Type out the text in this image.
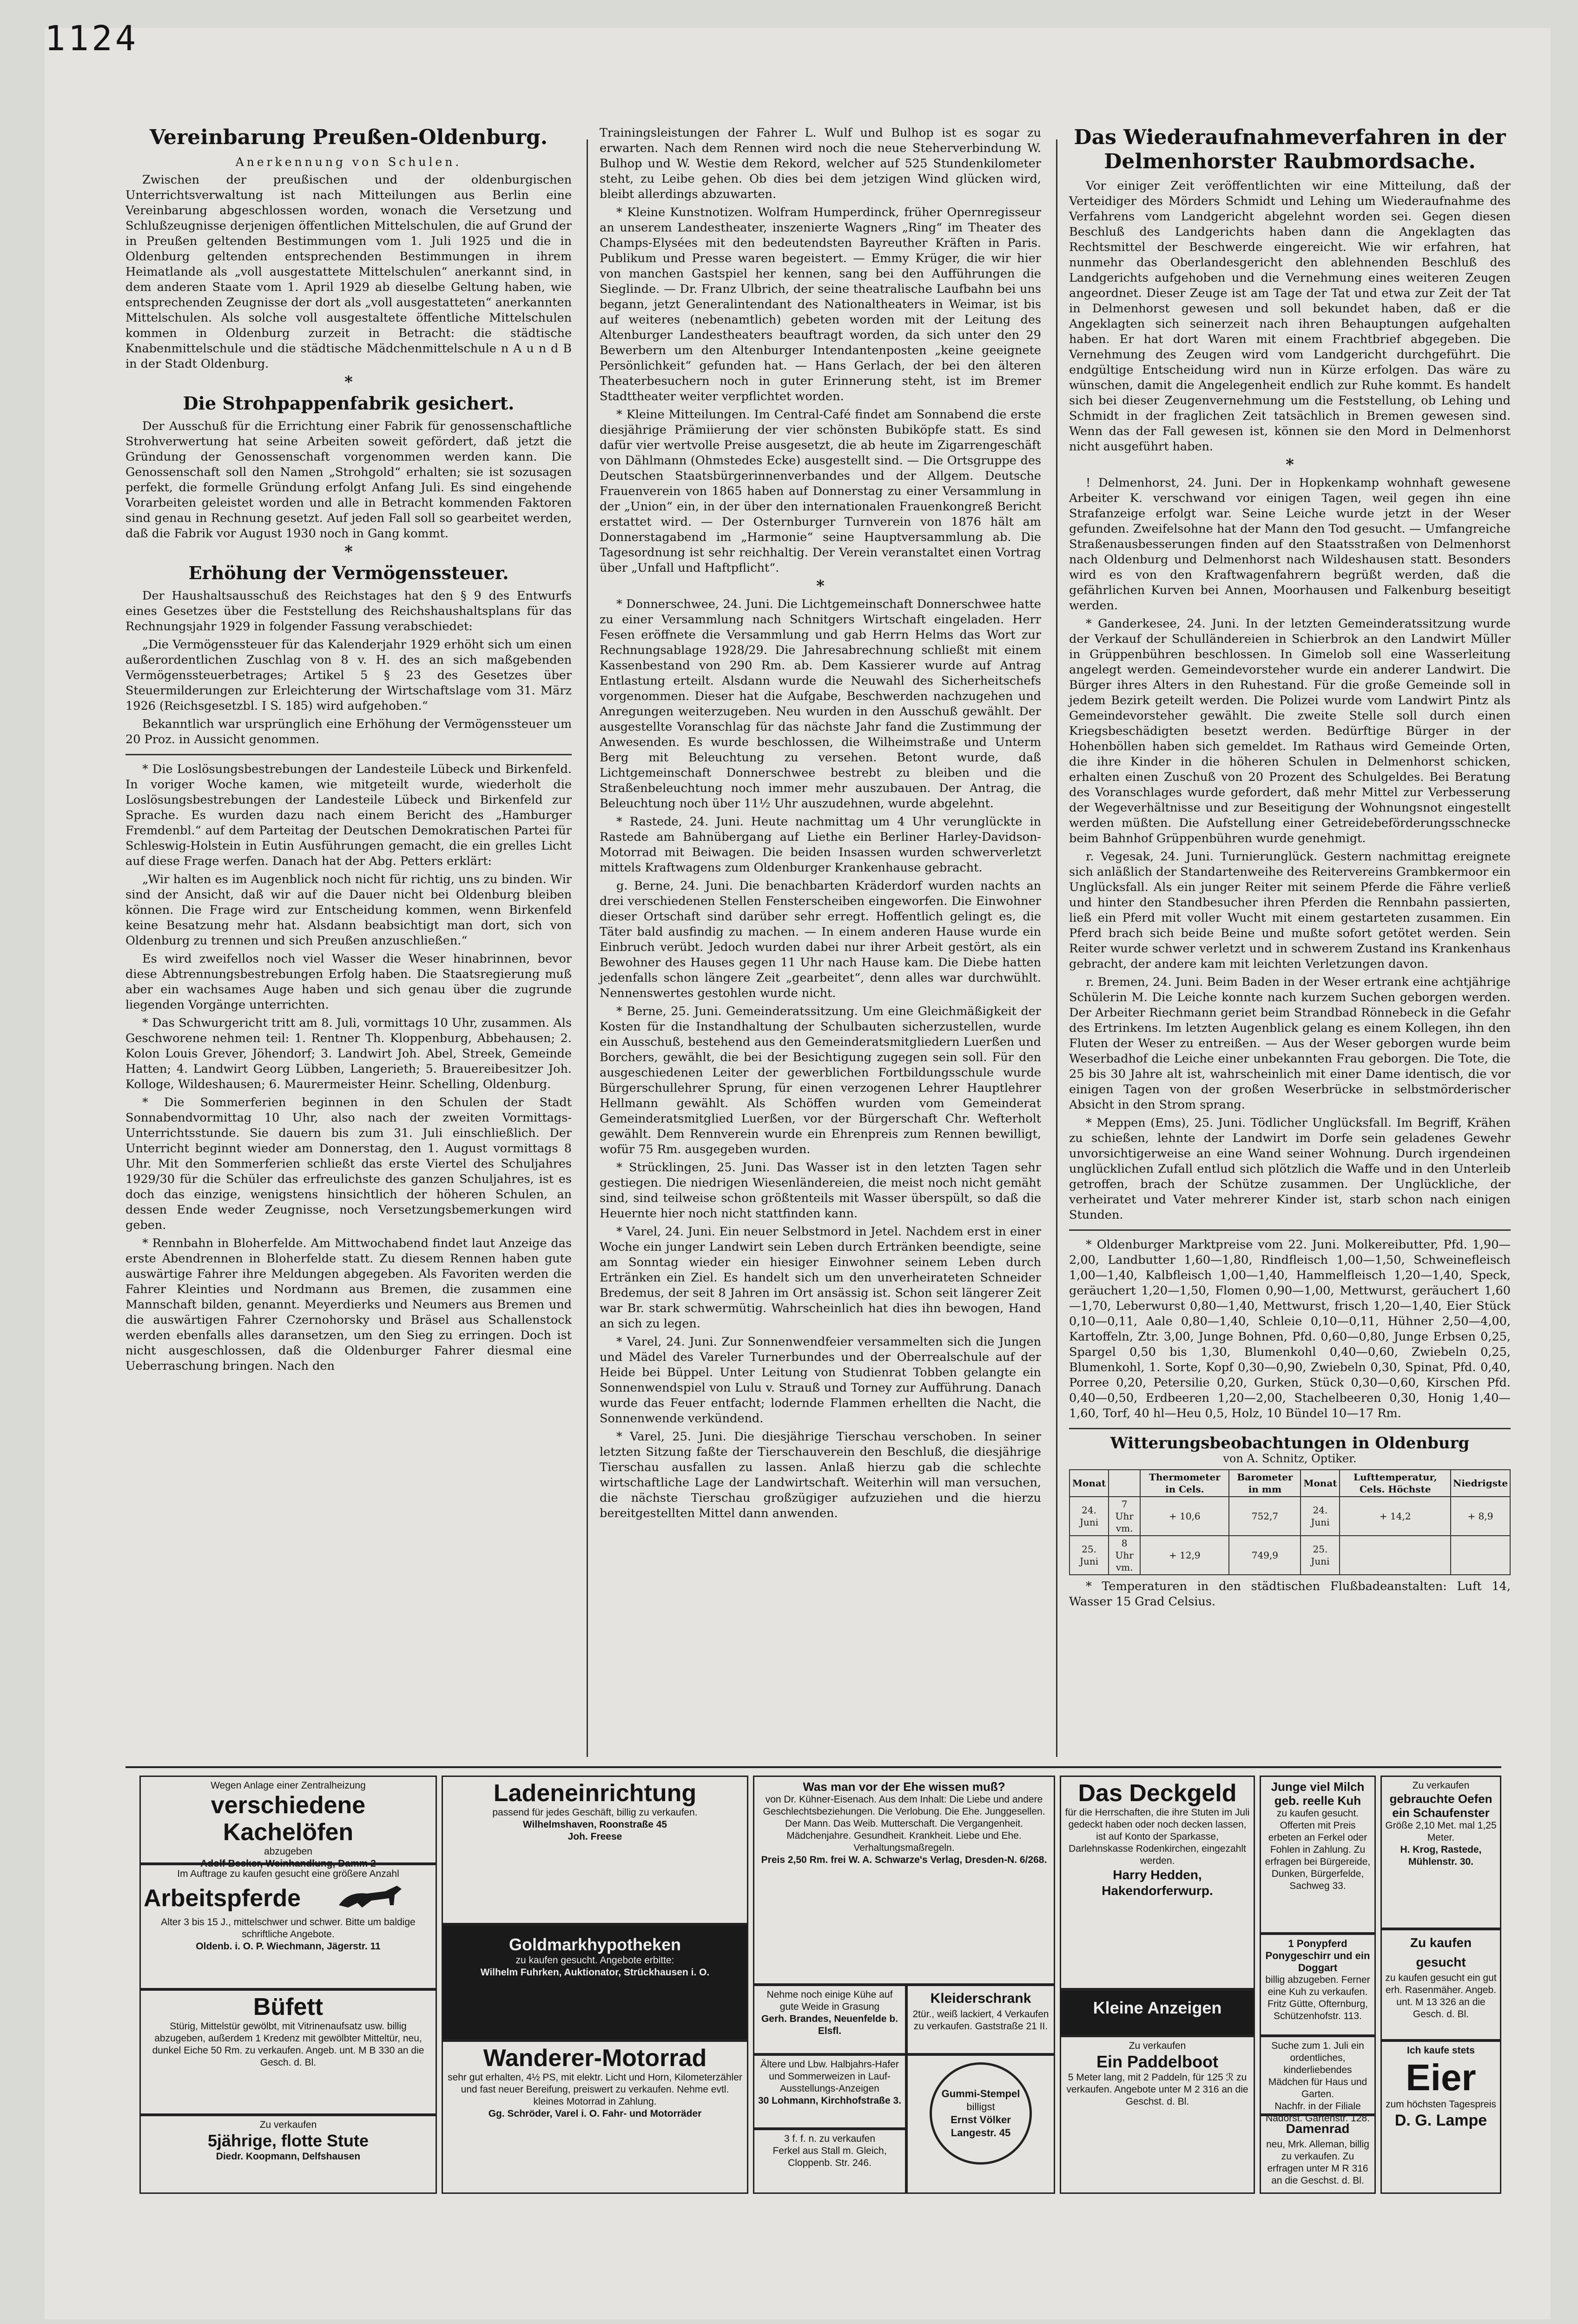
1124
Vereinbarung Preußen-Oldenburg.
Anerkennung von Schulen.

Zwischen der preußischen und der oldenburgischen Unterrichtsverwaltung ist nach Mitteilungen aus Berlin eine Vereinbarung abgeschlossen worden, wonach die Versetzung und Schlußzeugnisse derjenigen öffentlichen Mittelschulen, die auf Grund der in Preußen geltenden Bestimmungen vom 1. Juli 1925 und die in Oldenburg geltenden entsprechenden Bestimmungen in ihrem Heimatlande als „voll ausgestattete Mittelschulen“ anerkannt sind, in dem anderen Staate vom 1. April 1929 ab dieselbe Geltung haben, wie entsprechenden Zeugnisse der dort als „voll ausgestatteten“ anerkannten Mittelschulen. Als solche voll ausgestaltete öffentliche Mittelschulen kommen in Oldenburg zurzeit in Betracht: die städtische Knabenmittelschule und die städtische Mädchenmittelschule n A u n d B in der Stadt Oldenburg.

*
Die Strohpappenfabrik gesichert.

Der Ausschuß für die Errichtung einer Fabrik für genossenschaftliche Strohverwertung hat seine Arbeiten soweit gefördert, daß jetzt die Gründung der Genossenschaft vorgenommen werden kann. Die Genossenschaft soll den Namen „Strohgold“ erhalten; sie ist sozusagen perfekt, die formelle Gründung erfolgt Anfang Juli. Es sind eingehende Vorarbeiten geleistet worden und alle in Betracht kommenden Faktoren sind genau in Rechnung gesetzt. Auf jeden Fall soll so gearbeitet werden, daß die Fabrik vor August 1930 noch in Gang kommt.

*
Erhöhung der Vermögenssteuer.

Der Haushaltsausschuß des Reichstages hat den § 9 des Entwurfs eines Gesetzes über die Feststellung des Reichshaushaltsplans für das Rechnungsjahr 1929 in folgender Fassung verabschiedet:

„Die Vermögenssteuer für das Kalenderjahr 1929 erhöht sich um einen außerordentlichen Zuschlag von 8 v. H. des an sich maßgebenden Vermögenssteuerbetrages; Artikel 5 § 23 des Gesetzes über Steuermilderungen zur Erleichterung der Wirtschaftslage vom 31. März 1926 (Reichsgesetzbl. I S. 185) wird aufgehoben.“

Bekanntlich war ursprünglich eine Erhöhung der Vermögenssteuer um 20 Proz. in Aussicht genommen.

* Die Loslösungsbestrebungen der Landesteile Lübeck und Birkenfeld. In voriger Woche kamen, wie mitgeteilt wurde, wiederholt die Loslösungsbestrebungen der Landesteile Lübeck und Birkenfeld zur Sprache. Es wurden dazu nach einem Bericht des „Hamburger Fremdenbl.“ auf dem Parteitag der Deutschen Demokratischen Partei für Schleswig-Holstein in Eutin Ausführungen gemacht, die ein grelles Licht auf diese Frage werfen. Danach hat der Abg. Petters erklärt:

„Wir halten es im Augenblick noch nicht für richtig, uns zu binden. Wir sind der Ansicht, daß wir auf die Dauer nicht bei Oldenburg bleiben können. Die Frage wird zur Entscheidung kommen, wenn Birkenfeld keine Besatzung mehr hat. Alsdann beabsichtigt man dort, sich von Oldenburg zu trennen und sich Preußen anzuschließen.“

Es wird zweifellos noch viel Wasser die Weser hinabrinnen, bevor diese Abtrennungsbestrebungen Erfolg haben. Die Staatsregierung muß aber ein wachsames Auge haben und sich genau über die zugrunde liegenden Vorgänge unterrichten.

* Das Schwurgericht tritt am 8. Juli, vormittags 10 Uhr, zusammen. Als Geschworene nehmen teil: 1. Rentner Th. Kloppenburg, Abbehausen; 2. Kolon Louis Grever, Jöhendorf; 3. Landwirt Joh. Abel, Streek, Gemeinde Hatten; 4. Landwirt Georg Lübben, Langerieth; 5. Brauereibesitzer Joh. Kolloge, Wildeshausen; 6. Maurermeister Heinr. Schelling, Oldenburg.

* Die Sommerferien beginnen in den Schulen der Stadt Sonnabendvormittag 10 Uhr, also nach der zweiten Vormittags-Unterrichtsstunde. Sie dauern bis zum 31. Juli einschließlich. Der Unterricht beginnt wieder am Donnerstag, den 1. August vormittags 8 Uhr. Mit den Sommerferien schließt das erste Viertel des Schuljahres 1929/30 für die Schüler das erfreulichste des ganzen Schuljahres, ist es doch das einzige, wenigstens hinsichtlich der höheren Schulen, an dessen Ende weder Zeugnisse, noch Versetzungsbemerkungen wird geben.

* Rennbahn in Bloherfelde. Am Mittwochabend findet laut Anzeige das erste Abendrennen in Bloherfelde statt. Zu diesem Rennen haben gute auswärtige Fahrer ihre Meldungen abgegeben. Als Favoriten werden die Fahrer Kleinties und Nordmann aus Bremen, die zusammen eine Mannschaft bilden, genannt. Meyerdierks und Neumers aus Bremen und die auswärtigen Fahrer Czernohorsky und Bräsel aus Schallenstock werden ebenfalls alles daransetzen, um den Sieg zu erringen. Doch ist nicht ausgeschlossen, daß die Oldenburger Fahrer diesmal eine Ueberraschung bringen. Nach den

Trainingsleistungen der Fahrer L. Wulf und Bulhop ist es sogar zu erwarten. Nach dem Rennen wird noch die neue Steherverbindung W. Bulhop und W. Westie dem Rekord, welcher auf 525 Stundenkilometer steht, zu Leibe gehen. Ob dies bei dem jetzigen Wind glücken wird, bleibt allerdings abzuwarten.

* Kleine Kunstnotizen. Wolfram Humperdinck, früher Opernregisseur an unserem Landestheater, inszenierte Wagners „Ring“ im Theater des Champs-Elysées mit den bedeutendsten Bayreuther Kräften in Paris. Publikum und Presse waren begeistert. — Emmy Krüger, die wir hier von manchen Gastspiel her kennen, sang bei den Aufführungen die Sieglinde. — Dr. Franz Ulbrich, der seine theatralische Laufbahn bei uns begann, jetzt Generalintendant des Nationaltheaters in Weimar, ist bis auf weiteres (nebenamtlich) gebeten worden mit der Leitung des Altenburger Landestheaters beauftragt worden, da sich unter den 29 Bewerbern um den Altenburger Intendantenposten „keine geeignete Persönlichkeit“ gefunden hat. — Hans Gerlach, der bei den älteren Theaterbesuchern noch in guter Erinnerung steht, ist im Bremer Stadttheater weiter verpflichtet worden.

* Kleine Mitteilungen. Im Central-Café findet am Sonnabend die erste diesjährige Prämiierung der vier schönsten Bubiköpfe statt. Es sind dafür vier wertvolle Preise ausgesetzt, die ab heute im Zigarrengeschäft von Dählmann (Ohmstedes Ecke) ausgestellt sind. — Die Ortsgruppe des Deutschen Staatsbürgerinnenverbandes und der Allgem. Deutsche Frauenverein von 1865 haben auf Donnerstag zu einer Versammlung in der „Union“ ein, in der über den internationalen Frauenkongreß Bericht erstattet wird. — Der Osternburger Turnverein von 1876 hält am Donnerstagabend im „Harmonie“ seine Hauptversammlung ab. Die Tagesordnung ist sehr reichhaltig. Der Verein veranstaltet einen Vortrag über „Unfall und Haftpflicht“.

*

* Donnerschwee, 24. Juni. Die Lichtgemeinschaft Donnerschwee hatte zu einer Versammlung nach Schnitgers Wirtschaft eingeladen. Herr Fesen eröffnete die Versammlung und gab Herrn Helms das Wort zur Rechnungsablage 1928/29. Die Jahresabrechnung schließt mit einem Kassenbestand von 290 Rm. ab. Dem Kassierer wurde auf Antrag Entlastung erteilt. Alsdann wurde die Neuwahl des Sicherheitschefs vorgenommen. Dieser hat die Aufgabe, Beschwerden nachzugehen und Anregungen weiterzugeben. Neu wurden in den Ausschuß gewählt. Der ausgestellte Voranschlag für das nächste Jahr fand die Zustimmung der Anwesenden. Es wurde beschlossen, die Wilheimstraße und Unterm Berg mit Beleuchtung zu versehen. Betont wurde, daß Lichtgemeinschaft Donnerschwee bestrebt zu bleiben und die Straßenbeleuchtung noch immer mehr auszubauen. Der Antrag, die Beleuchtung noch über 11½ Uhr auszudehnen, wurde abgelehnt.

* Rastede, 24. Juni. Heute nachmittag um 4 Uhr verunglückte in Rastede am Bahnübergang auf Liethe ein Berliner Harley-Davidson-Motorrad mit Beiwagen. Die beiden Insassen wurden schwerverletzt mittels Kraftwagens zum Oldenburger Krankenhause gebracht.

g. Berne, 24. Juni. Die benachbarten Kräderdorf wurden nachts an drei verschiedenen Stellen Fensterscheiben eingeworfen. Die Einwohner dieser Ortschaft sind darüber sehr erregt. Hoffentlich gelingt es, die Täter bald ausfindig zu machen. — In einem anderen Hause wurde ein Einbruch verübt. Jedoch wurden dabei nur ihrer Arbeit gestört, als ein Bewohner des Hauses gegen 11 Uhr nach Hause kam. Die Diebe hatten jedenfalls schon längere Zeit „gearbeitet“, denn alles war durchwühlt. Nennenswertes gestohlen wurde nicht.

* Berne, 25. Juni. Gemeinderatssitzung. Um eine Gleichmäßigkeit der Kosten für die Instandhaltung der Schulbauten sicherzustellen, wurde ein Ausschuß, bestehend aus den Gemeinderatsmitgliedern Luerßen und Borchers, gewählt, die bei der Besichtigung zugegen sein soll. Für den ausgeschiedenen Leiter der gewerblichen Fortbildungsschule wurde Bürgerschullehrer Sprung, für einen verzogenen Lehrer Hauptlehrer Hellmann gewählt. Als Schöffen wurden vom Gemeinderat Gemeinderatsmitglied Luerßen, vor der Bürgerschaft Chr. Wefterholt gewählt. Dem Rennverein wurde ein Ehrenpreis zum Rennen bewilligt, wofür 75 Rm. ausgegeben wurden.

* Strücklingen, 25. Juni. Das Wasser ist in den letzten Tagen sehr gestiegen. Die niedrigen Wiesenländereien, die meist noch nicht gemäht sind, sind teilweise schon größtenteils mit Wasser überspült, so daß die Heuernte hier noch nicht stattfinden kann.

* Varel, 24. Juni. Ein neuer Selbstmord in Jetel. Nachdem erst in einer Woche ein junger Landwirt sein Leben durch Ertränken beendigte, seine am Sonntag wieder ein hiesiger Einwohner seinem Leben durch Ertränken ein Ziel. Es handelt sich um den unverheirateten Schneider Bredemus, der seit 8 Jahren im Ort ansässig ist. Schon seit längerer Zeit war Br. stark schwermütig. Wahrscheinlich hat dies ihn bewogen, Hand an sich zu legen.

* Varel, 24. Juni. Zur Sonnenwendfeier versammelten sich die Jungen und Mädel des Vareler Turnerbundes und der Oberrealschule auf der Heide bei Büppel. Unter Leitung von Studienrat Tobben gelangte ein Sonnenwendspiel von Lulu v. Strauß und Torney zur Aufführung. Danach wurde das Feuer entfacht; lodernde Flammen erhellten die Nacht, die Sonnenwende verkündend.

* Varel, 25. Juni. Die diesjährige Tierschau verschoben. In seiner letzten Sitzung faßte der Tierschauverein den Beschluß, die diesjährige Tierschau ausfallen zu lassen. Anlaß hierzu gab die schlechte wirtschaftliche Lage der Landwirtschaft. Weiterhin will man versuchen, die nächste Tierschau großzügiger aufzuziehen und die hierzu bereitgestellten Mittel dann anwenden.

Das Wiederaufnahmeverfahren in der Delmenhorster Raubmordsache.

Vor einiger Zeit veröffentlichten wir eine Mitteilung, daß der Verteidiger des Mörders Schmidt und Lehing um Wiederaufnahme des Verfahrens vom Landgericht abgelehnt worden sei. Gegen diesen Beschluß des Landgerichts haben dann die Angeklagten das Rechtsmittel der Beschwerde eingereicht. Wie wir erfahren, hat nunmehr das Oberlandesgericht den ablehnenden Beschluß des Landgerichts aufgehoben und die Vernehmung eines weiteren Zeugen angeordnet. Dieser Zeuge ist am Tage der Tat und etwa zur Zeit der Tat in Delmenhorst gewesen und soll bekundet haben, daß er die Angeklagten sich seinerzeit nach ihren Behauptungen aufgehalten haben. Er hat dort Waren mit einem Frachtbrief abgegeben. Die Vernehmung des Zeugen wird vom Landgericht durchgeführt. Die endgültige Entscheidung wird nun in Kürze erfolgen. Das wäre zu wünschen, damit die Angelegenheit endlich zur Ruhe kommt. Es handelt sich bei dieser Zeugenvernehmung um die Feststellung, ob Lehing und Schmidt in der fraglichen Zeit tatsächlich in Bremen gewesen sind. Wenn das der Fall gewesen ist, können sie den Mord in Delmenhorst nicht ausgeführt haben.

*

! Delmenhorst, 24. Juni. Der in Hopkenkamp wohnhaft gewesene Arbeiter K. verschwand vor einigen Tagen, weil gegen ihn eine Strafanzeige erfolgt war. Seine Leiche wurde jetzt in der Weser gefunden. Zweifelsohne hat der Mann den Tod gesucht. — Umfangreiche Straßenausbesserungen finden auf den Staatsstraßen von Delmenhorst nach Oldenburg und Delmenhorst nach Wildeshausen statt. Besonders wird es von den Kraftwagenfahrern begrüßt werden, daß die gefährlichen Kurven bei Annen, Moorhausen und Falkenburg beseitigt werden.

* Ganderkesee, 24. Juni. In der letzten Gemeinderatssitzung wurde der Verkauf der Schulländereien in Schierbrok an den Landwirt Müller in Grüppenbühren beschlossen. In Gimelob soll eine Wasserleitung angelegt werden. Gemeindevorsteher wurde ein anderer Landwirt. Die Bürger ihres Alters in den Ruhestand. Für die große Gemeinde soll in jedem Bezirk geteilt werden. Die Polizei wurde vom Landwirt Pintz als Gemeindevorsteher gewählt. Die zweite Stelle soll durch einen Kriegsbeschädigten besetzt werden. Bedürftige Bürger in der Hohenböllen haben sich gemeldet. Im Rathaus wird Gemeinde Orten, die ihre Kinder in die höheren Schulen in Delmenhorst schicken, erhalten einen Zuschuß von 20 Prozent des Schulgeldes. Bei Beratung des Voranschlages wurde gefordert, daß mehr Mittel zur Verbesserung der Wegeverhältnisse und zur Beseitigung der Wohnungsnot eingestellt werden müßten. Die Aufstellung einer Getreidebeförderungsschnecke beim Bahnhof Grüppenbühren wurde genehmigt.

r. Vegesak, 24. Juni. Turnierunglück. Gestern nachmittag ereignete sich anläßlich der Standartenweihe des Reitervereins Grambkermoor ein Unglücksfall. Als ein junger Reiter mit seinem Pferde die Fähre verließ und hinter den Standbesucher ihren Pferden die Rennbahn passierten, ließ ein Pferd mit voller Wucht mit einem gestarteten zusammen. Ein Pferd brach sich beide Beine und mußte sofort getötet werden. Sein Reiter wurde schwer verletzt und in schwerem Zustand ins Krankenhaus gebracht, der andere kam mit leichten Verletzungen davon.

r. Bremen, 24. Juni. Beim Baden in der Weser ertrank eine achtjährige Schülerin M. Die Leiche konnte nach kurzem Suchen geborgen werden. Der Arbeiter Riechmann geriet beim Strandbad Rönnebeck in die Gefahr des Ertrinkens. Im letzten Augenblick gelang es einem Kollegen, ihn den Fluten der Weser zu entreißen. — Aus der Weser geborgen wurde beim Weserbadhof die Leiche einer unbekannten Frau geborgen. Die Tote, die 25 bis 30 Jahre alt ist, wahrscheinlich mit einer Dame identisch, die vor einigen Tagen von der großen Weserbrücke in selbstmörderischer Absicht in den Strom sprang.

* Meppen (Ems), 25. Juni. Tödlicher Unglücksfall. Im Begriff, Krähen zu schießen, lehnte der Landwirt im Dorfe sein geladenes Gewehr unvorsichtigerweise an eine Wand seiner Wohnung. Durch irgendeinen unglücklichen Zufall entlud sich plötzlich die Waffe und in den Unterleib getroffen, brach der Schütze zusammen. Der Unglückliche, der verheiratet und Vater mehrerer Kinder ist, starb schon nach einigen Stunden.

* Oldenburger Marktpreise vom 22. Juni. Molkereibutter, Pfd. 1,90—2,00, Landbutter 1,60—1,80, Rindfleisch 1,00—1,50, Schweinefleisch 1,00—1,40, Kalbfleisch 1,00—1,40, Hammelfleisch 1,20—1,40, Speck, geräuchert 1,20—1,50, Flomen 0,90—1,00, Mettwurst, geräuchert 1,60—1,70, Leberwurst 0,80—1,40, Mettwurst, frisch 1,20—1,40, Eier Stück 0,10—0,11, Aale 0,80—1,40, Schleie 0,10—0,11, Hühner 2,50—4,00, Kartoffeln, Ztr. 3,00, Junge Bohnen, Pfd. 0,60—0,80, Junge Erbsen 0,25, Spargel 0,50 bis 1,30, Blumenkohl 0,40—0,60, Zwiebeln 0,25, Blumenkohl, 1. Sorte, Kopf 0,30—0,90, Zwiebeln 0,30, Spinat, Pfd. 0,40, Porree 0,20, Petersilie 0,20, Gurken, Stück 0,30—0,60, Kirschen Pfd. 0,40—0,50, Erdbeeren 1,20—2,00, Stachelbeeren 0,30, Honig 1,40—1,60, Torf, 40 hl—Heu 0,5, Holz, 10 Bündel 10—17 Rm.

Witterungsbeobachtungen in Oldenburg
von A. Schnitz, Optiker.
Monat		Thermometer in Cels.	Barometer in mm	Monat	Lufttemperatur, Cels. Höchste	Niedrigste
24. Juni	7 Uhr vm.	+ 10,6	752,7	24. Juni	+ 14,2	+ 8,9
25. Juni	8 Uhr vm.	+ 12,9	749,9	25. Juni		

* Temperaturen in den städtischen Flußbadeanstalten: Luft 14, Wasser 15 Grad Celsius.

Wegen Anlage einer Zentralheizung
verschiedene Kachelöfen
abzugeben
Adolf Becker, Weinhandlung, Damm 2
Im Auftrage zu kaufen gesucht eine größere Anzahl
Arbeitspferde
Alter 3 bis 15 J., mittelschwer und schwer. Bitte um baldige schriftliche Angebote.
Oldenb. i. O. P. Wiechmann, Jägerstr. 11
Büfett
Stürig, Mittelstür gewölbt, mit Vitrinenaufsatz usw. billig abzugeben, außerdem 1 Kredenz mit gewölbter Mitteltür, neu, dunkel Eiche 50 Rm. zu verkaufen. Angeb. unt. M B 330 an die Gesch. d. Bl.
Zu verkaufen
5jährige, flotte Stute
Diedr. Koopmann, Delfshausen
Ladeneinrichtung
passend für jedes Geschäft, billig zu verkaufen.
Wilhelmshaven, Roonstraße 45
Joh. Freese
Goldmarkhypotheken
zu kaufen gesucht. Angebote erbitte:
Wilhelm Fuhrken, Auktionator, Strückhausen i. O.
Wanderer-Motorrad
sehr gut erhalten, 4½ PS, mit elektr. Licht und Horn, Kilometerzähler und fast neuer Bereifung, preiswert zu verkaufen. Nehme evtl. kleines Motorrad in Zahlung.
Gg. Schröder, Varel i. O. Fahr- und Motorräder
Was man vor der Ehe wissen muß?
von Dr. Kühner-Eisenach. Aus dem Inhalt: Die Liebe und andere Geschlechtsbeziehungen. Die Verlobung. Die Ehe. Junggesellen. Der Mann. Das Weib. Mutterschaft. Die Vergangenheit. Mädchenjahre. Gesundheit. Krankheit. Liebe und Ehe. Verhaltungsmaßregeln.
Preis 2,50 Rm. frei W. A. Schwarze's Verlag, Dresden-N. 6/268.
Nehme noch einige Kühe auf gute Weide in Grasung
Gerh. Brandes, Neuenfelde b. Elsfl.
Ältere und Lbw. Halbjahrs-Hafer und Sommerweizen in Lauf-Ausstellungs-Anzeigen
30 Lohmann, Kirchhofstraße 3.
3 f. f. n. zu verkaufen
Ferkel aus Stall m. Gleich, Cloppenb. Str. 246.
Kleiderschrank
2tür., weiß lackiert, 4 Verkaufen zu verkaufen. Gaststraße 21 II.
Gummi-Stempel
billigst
Ernst Völker
Langestr. 45
Das Deckgeld
für die Herrschaften, die ihre Stuten im Juli gedeckt haben oder noch decken lassen, ist auf Konto der Sparkasse, Darlehnskasse Rodenkirchen, eingezahlt werden.
Harry Hedden, Hakendorferwurp.
Kleine Anzeigen
Zu verkaufen
Ein Paddelboot
5 Meter lang, mit 2 Paddeln, für 125 ℛ zu verkaufen. Angebote unter M 2 316 an die Geschst. d. Bl.
Junge viel Milch geb. reelle Kuh
zu kaufen gesucht. Offerten mit Preis erbeten an Ferkel oder Fohlen in Zahlung. Zu erfragen bei Bürgereide, Dunken, Bürgerfelde, Sachweg 33.
1 Ponypferd Ponygeschirr und ein Doggart
billig abzugeben. Ferner eine Kuh zu verkaufen. Fritz Gütte, Ofternburg, Schützenhofstr. 113.
Suche zum 1. Juli ein ordentliches, kinderliebendes Mädchen für Haus und Garten.
Nachfr. in der Filiale Nadorst. Gartenstr. 128.
Damenrad
neu, Mrk. Alleman, billig zu verkaufen. Zu erfragen unter M R 316 an die Geschst. d. Bl.
Zu verkaufen
gebrauchte Oefen ein Schaufenster
Größe 2,10 Met. mal 1,25 Meter.
H. Krog, Rastede, Mühlenstr. 30.
Zu kaufen gesucht
zu kaufen gesucht ein gut erh. Rasenmäher. Angeb. unt. M 13 326 an die Gesch. d. Bl.
Ich kaufe stets
Eier
zum höchsten Tagespreis
D. G. Lampe
